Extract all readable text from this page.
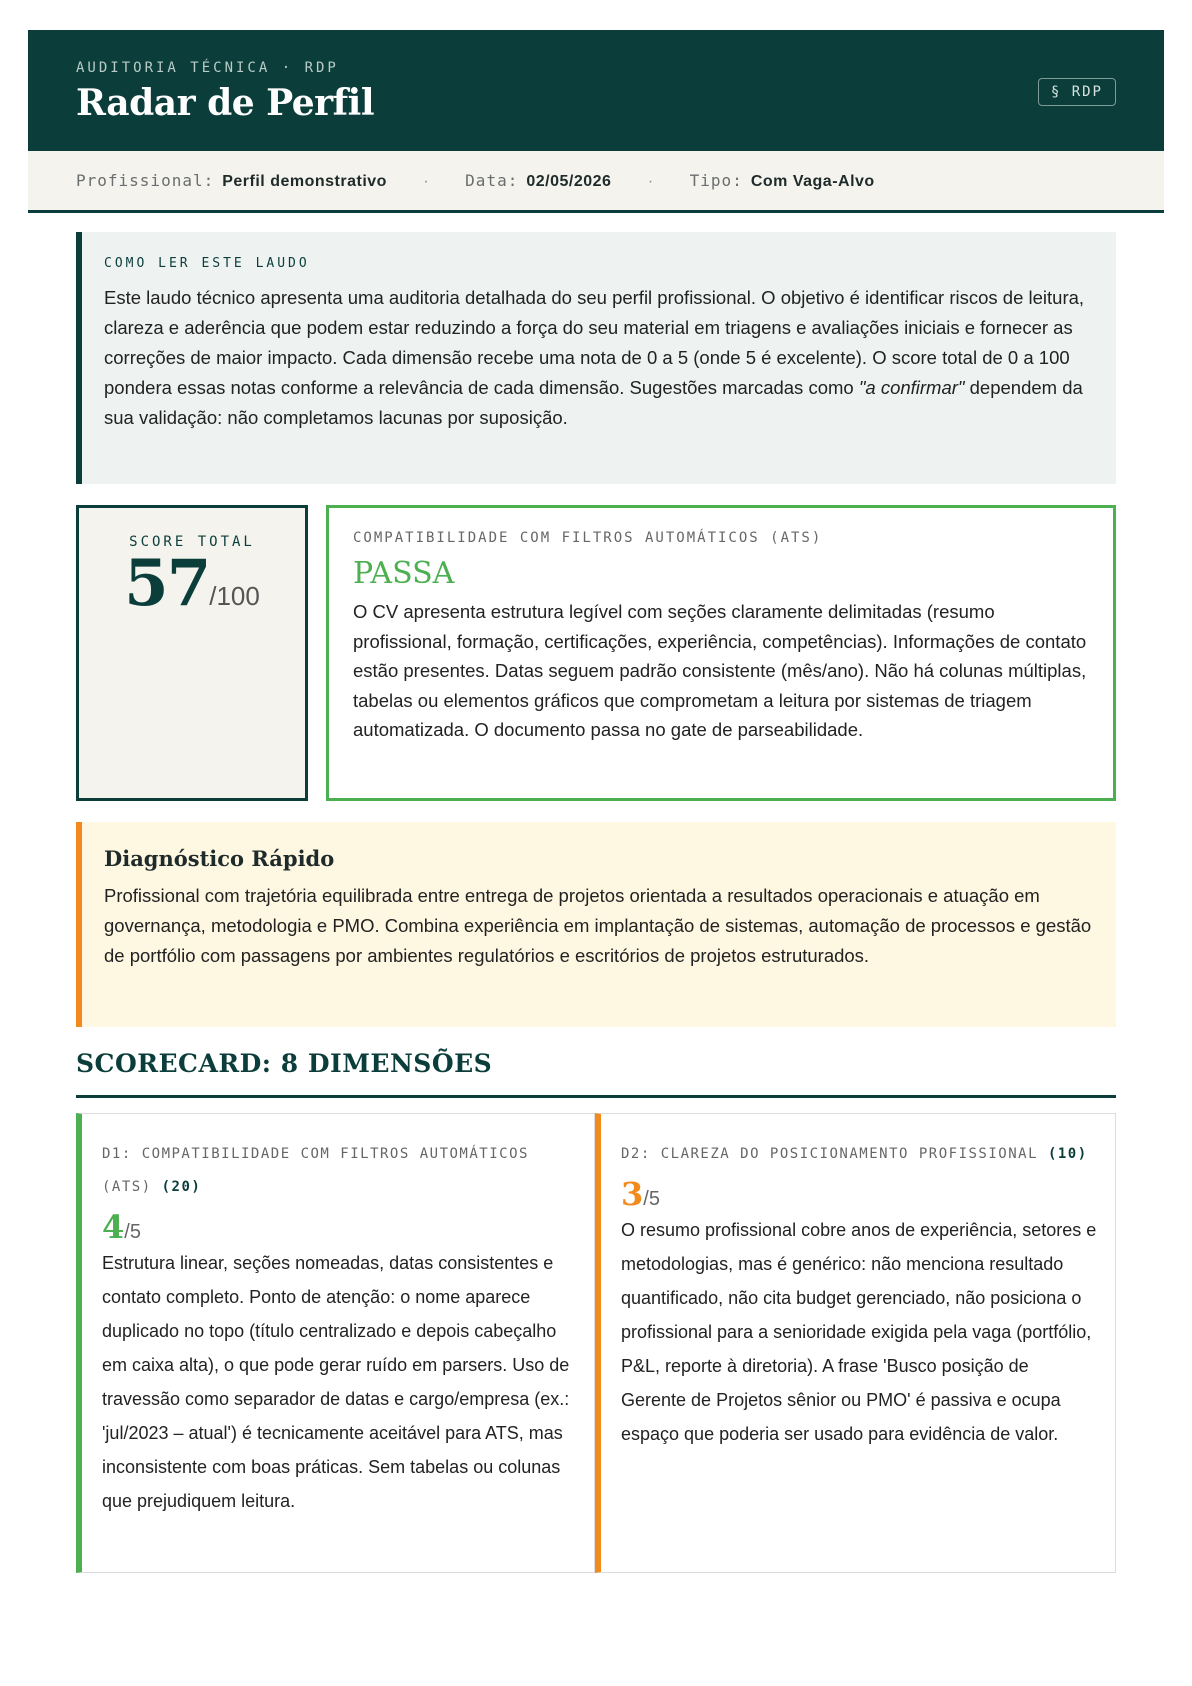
AUDITORIA TÉCNICA · RDP
Radar de Perfil	§ RDP
Profissional: Perfil demonstrativo · Data: 02/05/2026 · Tipo: Com Vaga-Alvo
COMO LER ESTE LAUDO
Este laudo técnico apresenta uma auditoria detalhada do seu perfil profissional. O objetivo é identificar riscos de leitura, clareza e aderência que podem estar reduzindo a força do seu material em triagens e avaliações iniciais e fornecer as correções de maior impacto. Cada dimensão recebe uma nota de 0 a 5 (onde 5 é excelente). O score total de 0 a 100 pondera essas notas conforme a relevância de cada dimensão. Sugestões marcadas como "a confirmar" dependem da sua validação: não completamos lacunas por suposição.
SCORE TOTAL
57/100
COMPATIBILIDADE COM FILTROS AUTOMÁTICOS (ATS)
PASSA
O CV apresenta estrutura legível com seções claramente delimitadas (resumo profissional, formação, certificações, experiência, competências). Informações de contato estão presentes. Datas seguem padrão consistente (mês/ano). Não há colunas múltiplas, tabelas ou elementos gráficos que comprometam a leitura por sistemas de triagem automatizada. O documento passa no gate de parseabilidade.
Diagnóstico Rápido
Profissional com trajetória equilibrada entre entrega de projetos orientada a resultados operacionais e atuação em governança, metodologia e PMO. Combina experiência em implantação de sistemas, automação de processos e gestão de portfólio com passagens por ambientes regulatórios e escritórios de projetos estruturados.
SCORECARD: 8 DIMENSÕES
D1: COMPATIBILIDADE COM FILTROS AUTOMÁTICOS (ATS) (20)
4/5
Estrutura linear, seções nomeadas, datas consistentes e contato completo. Ponto de atenção: o nome aparece duplicado no topo (título centralizado e depois cabeçalho em caixa alta), o que pode gerar ruído em parsers. Uso de travessão como separador de datas e cargo/empresa (ex.: 'jul/2023 – atual') é tecnicamente aceitável para ATS, mas inconsistente com boas práticas. Sem tabelas ou colunas que prejudiquem leitura.
D2: CLAREZA DO POSICIONAMENTO PROFISSIONAL (10)
3/5
O resumo profissional cobre anos de experiência, setores e metodologias, mas é genérico: não menciona resultado quantificado, não cita budget gerenciado, não posiciona o profissional para a senioridade exigida pela vaga (portfólio, P&L, reporte à diretoria). A frase 'Busco posição de Gerente de Projetos sênior ou PMO' é passiva e ocupa espaço que poderia ser usado para evidência de valor.
